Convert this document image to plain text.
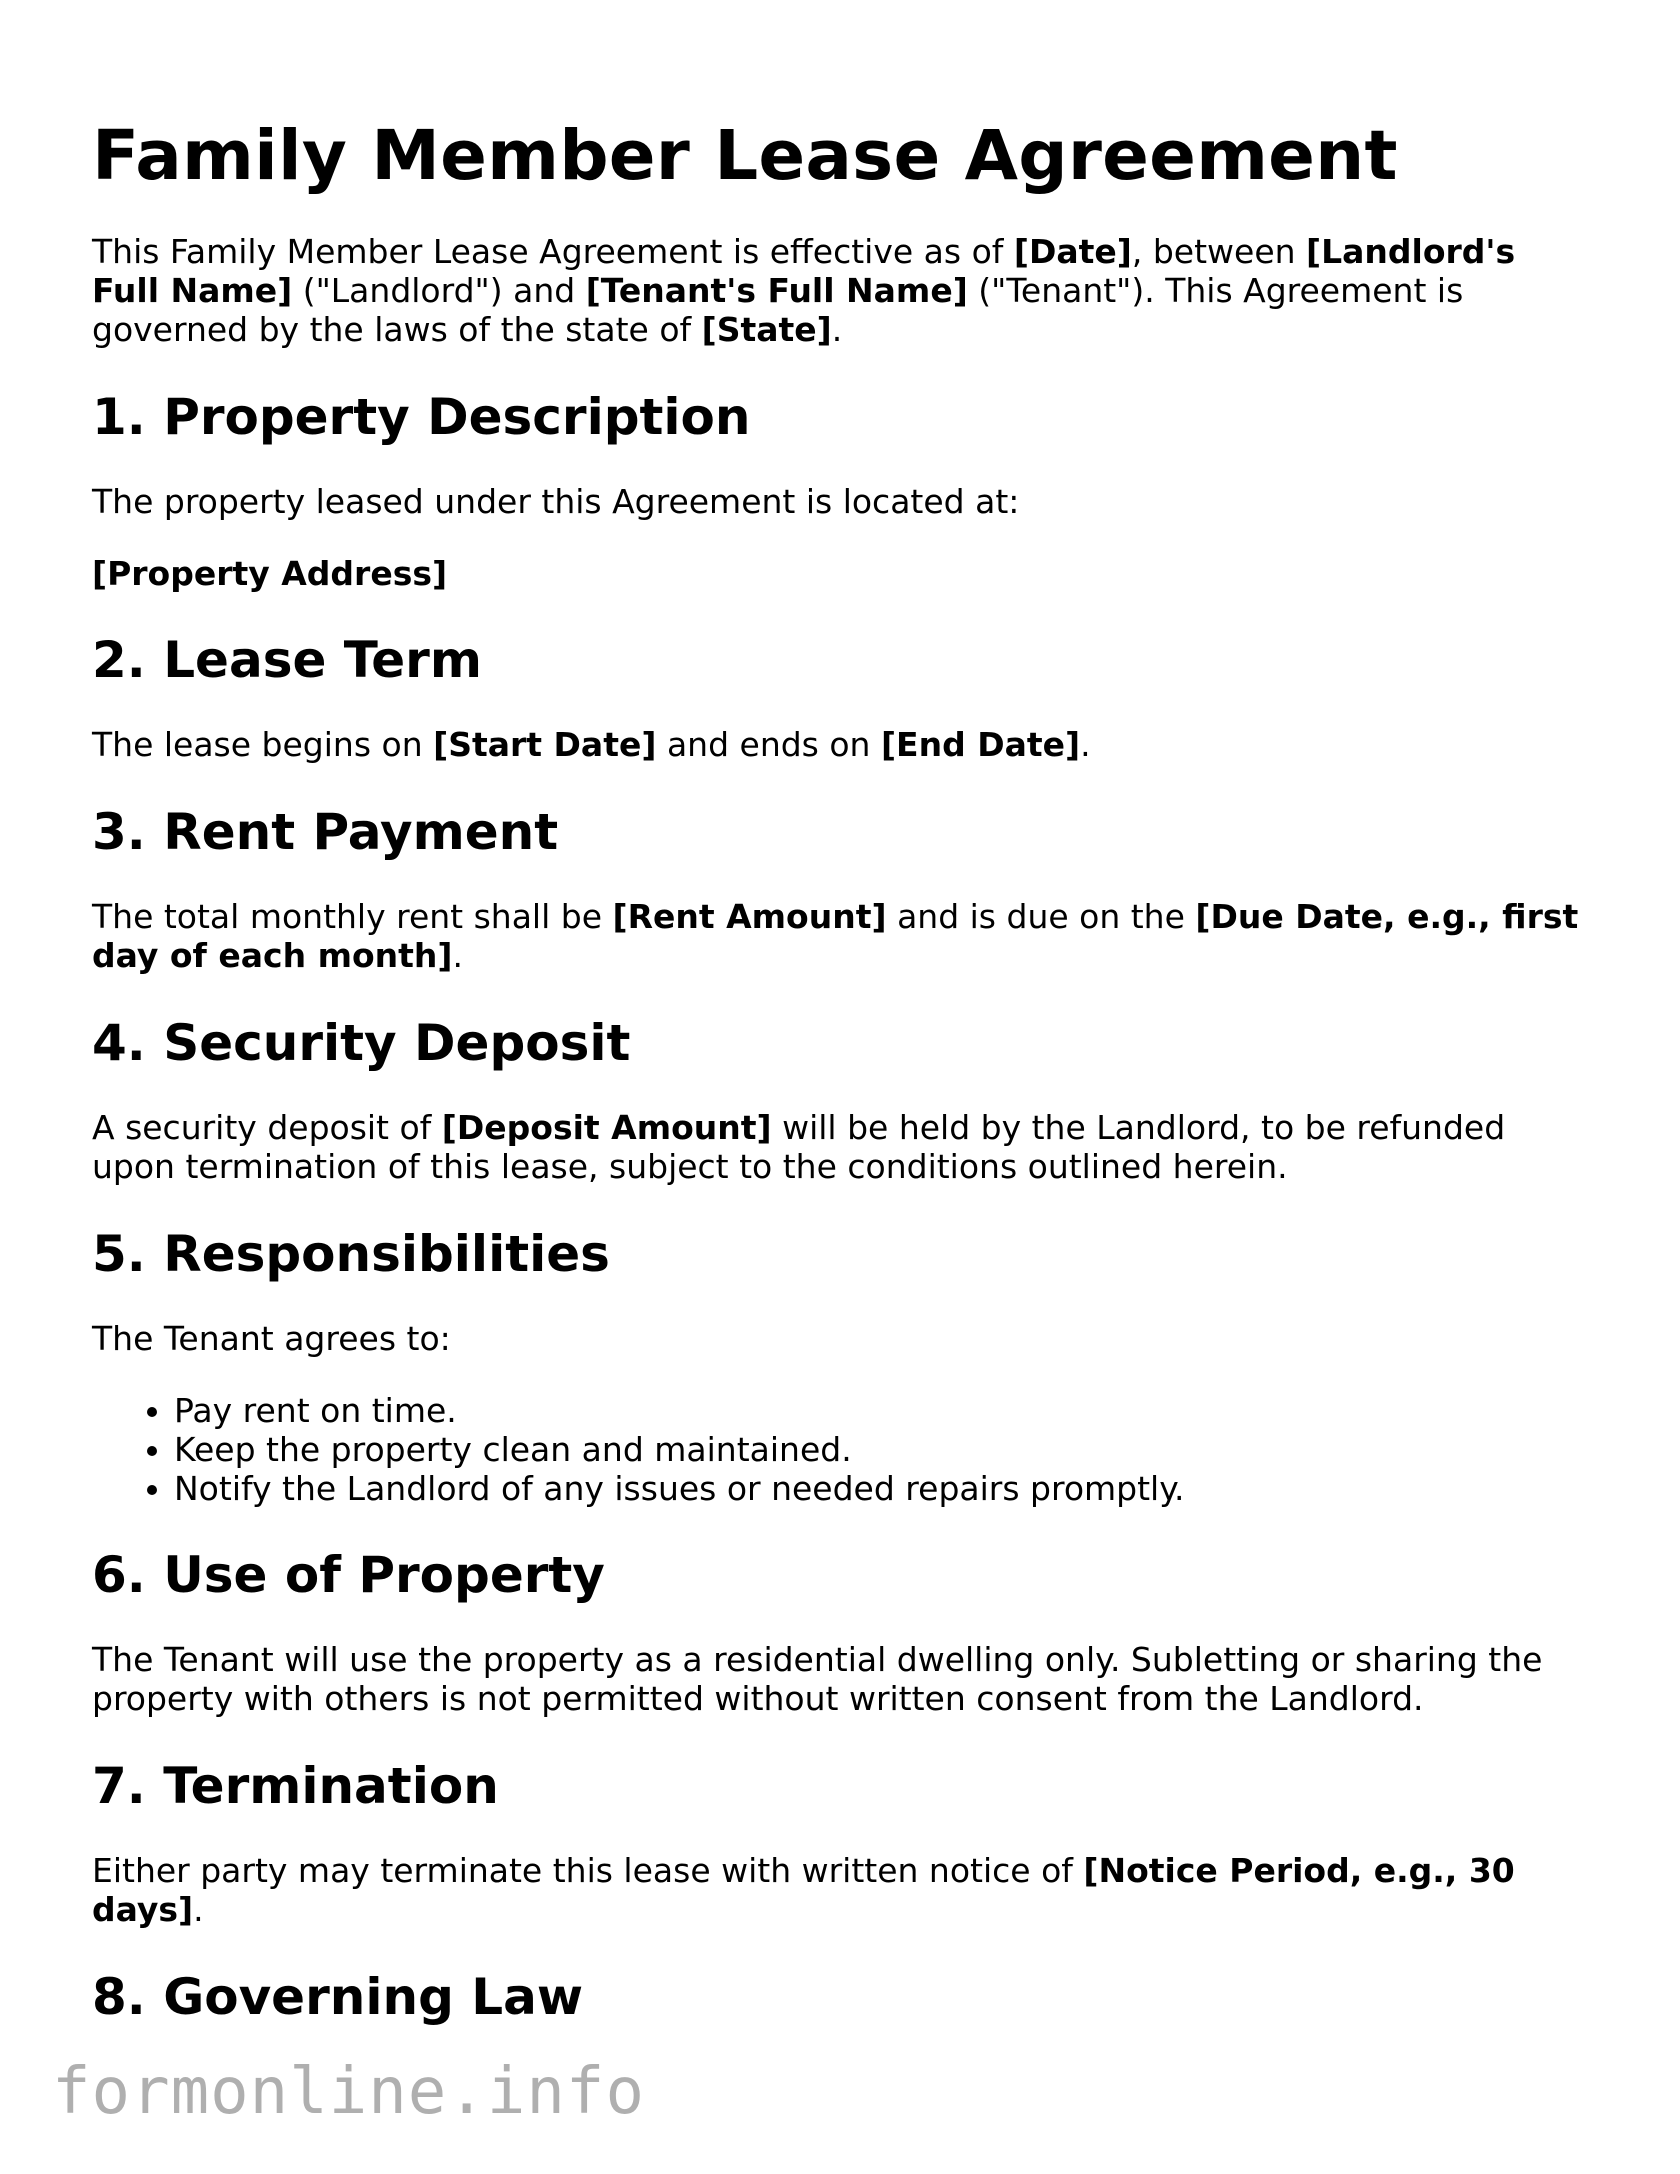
Family Member Lease Agreement

This Family Member Lease Agreement is effective as of [Date], between [Landlord's Full Name] ("Landlord") and [Tenant's Full Name] ("Tenant"). This Agreement is governed by the laws of the state of [State].

1. Property Description

The property leased under this Agreement is located at:

[Property Address]

2. Lease Term

The lease begins on [Start Date] and ends on [End Date].

3. Rent Payment

The total monthly rent shall be [Rent Amount] and is due on the [Due Date, e.g., first day of each month].

4. Security Deposit

A security deposit of [Deposit Amount] will be held by the Landlord, to be refunded upon termination of this lease, subject to the conditions outlined herein.

5. Responsibilities

The Tenant agrees to:

• Pay rent on time.
• Keep the property clean and maintained.
• Notify the Landlord of any issues or needed repairs promptly.
6. Use of Property

The Tenant will use the property as a residential dwelling only. Subletting or sharing the property with others is not permitted without written consent from the Landlord.

7. Termination

Either party may terminate this lease with written notice of [Notice Period, e.g., 30 days].

8. Governing Law
formonline.info
